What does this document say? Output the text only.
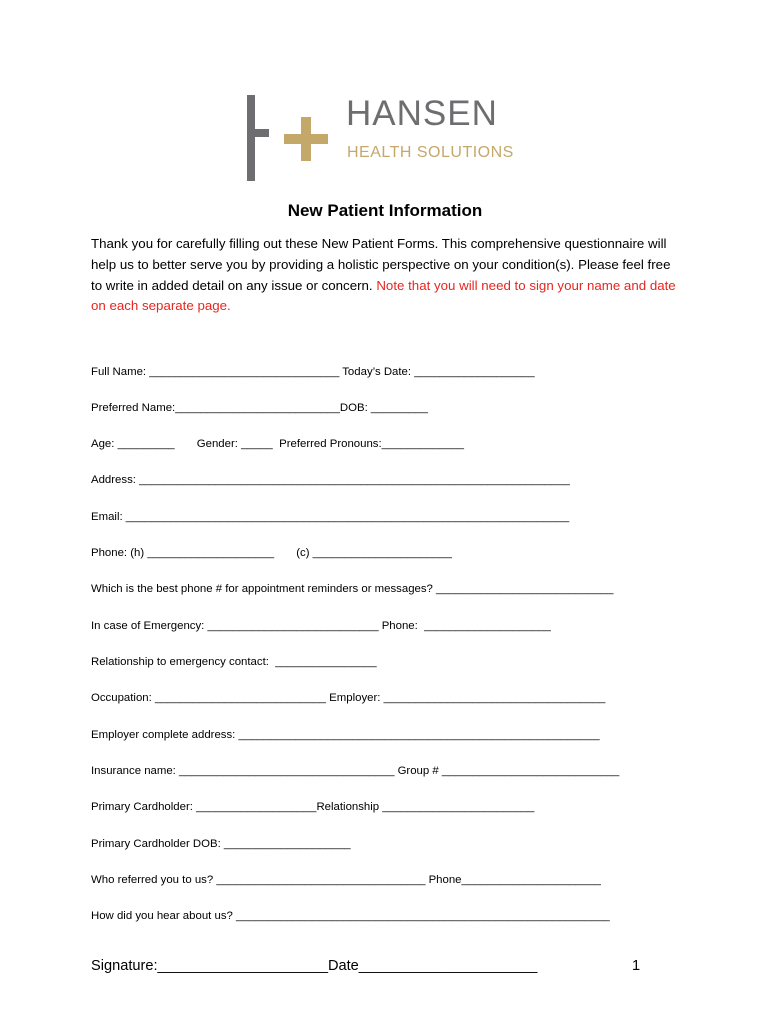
HANSEN
HEALTH SOLUTIONS
New Patient Information
Thank you for carefully filling out these New Patient Forms. This comprehensive questionnaire will help us to better serve you by providing a holistic perspective on your condition(s). Please feel free to write in added detail on any issue or concern. Note that you will need to sign your name and date on each separate page.
Full Name: ______________________________ Today’s Date: ___________________
Preferred Name:__________________________DOB: _________
Age: _________       Gender: _____  Preferred Pronouns:_____________
Address: ____________________________________________________________________
Email: ______________________________________________________________________
Phone: (h) ____________________       (c) ______________________
Which is the best phone # for appointment reminders or messages? ____________________________
In case of Emergency: ___________________________ Phone:  ____________________
Relationship to emergency contact:  ________________
Occupation: ___________________________ Employer: ___________________________________
Employer complete address: _________________________________________________________
Insurance name: __________________________________ Group # ____________________________
Primary Cardholder: ___________________Relationship ________________________
Primary Cardholder DOB: ____________________
Who referred you to us? _________________________________ Phone______________________
How did you hear about us? ___________________________________________________________
Signature:_____________________Date______________________	1
